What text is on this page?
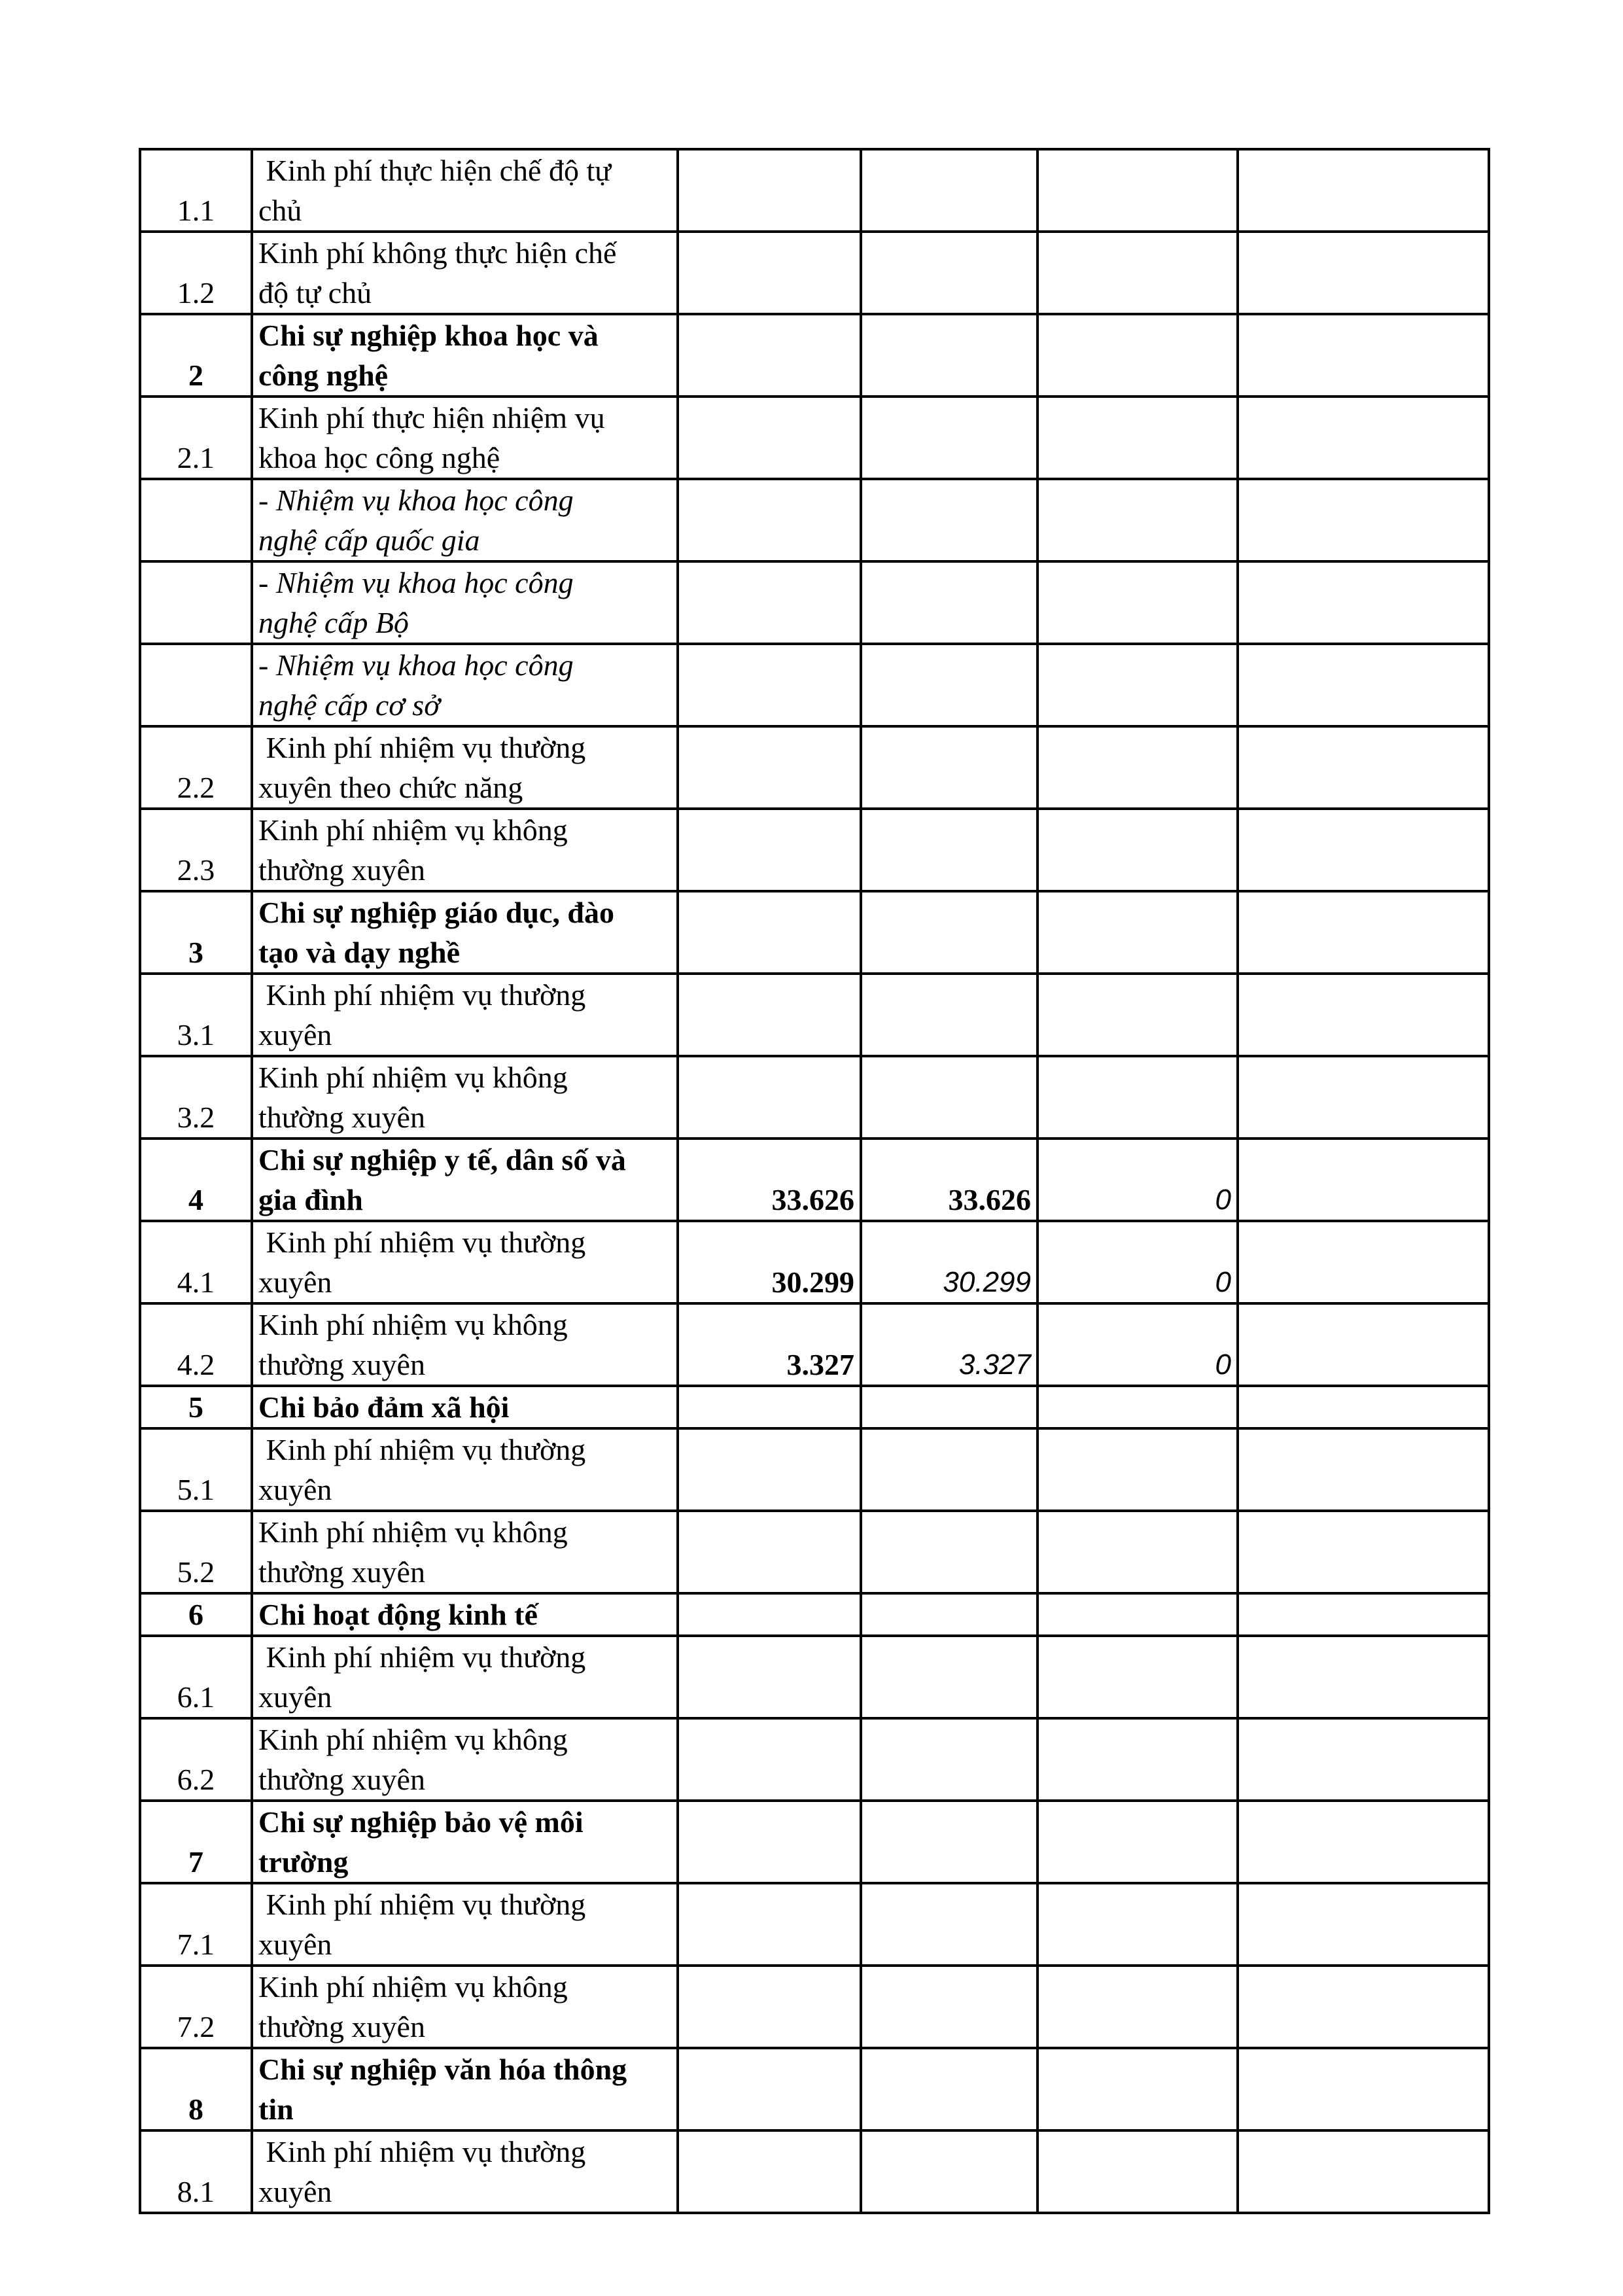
1.1	Kinh phí thực hiện chế độ tự
chủ				
1.2	Kinh phí không thực hiện chế
độ tự chủ				
2	Chi sự nghiệp khoa học và
công nghệ				
2.1	Kinh phí thực hiện nhiệm vụ
khoa học công nghệ				
	- Nhiệm vụ khoa học công
nghệ cấp quốc gia				
	- Nhiệm vụ khoa học công
nghệ cấp Bộ				
	- Nhiệm vụ khoa học công
nghệ cấp cơ sở				
2.2	Kinh phí nhiệm vụ thường
xuyên theo chức năng				
2.3	Kinh phí nhiệm vụ không
thường xuyên				
3	Chi sự nghiệp giáo dục, đào
tạo và dạy nghề				
3.1	Kinh phí nhiệm vụ thường
xuyên				
3.2	Kinh phí nhiệm vụ không
thường xuyên				
4	Chi sự nghiệp y tế, dân số và
gia đình	33.626	33.626	0	
4.1	Kinh phí nhiệm vụ thường
xuyên	30.299	30.299	0	
4.2	Kinh phí nhiệm vụ không
thường xuyên	3.327	3.327	0	
5	Chi bảo đảm xã hội				
5.1	Kinh phí nhiệm vụ thường
xuyên				
5.2	Kinh phí nhiệm vụ không
thường xuyên				
6	Chi hoạt động kinh tế				
6.1	Kinh phí nhiệm vụ thường
xuyên				
6.2	Kinh phí nhiệm vụ không
thường xuyên				
7	Chi sự nghiệp bảo vệ môi
trường				
7.1	Kinh phí nhiệm vụ thường
xuyên				
7.2	Kinh phí nhiệm vụ không
thường xuyên				
8	Chi sự nghiệp văn hóa thông
tin				
8.1	Kinh phí nhiệm vụ thường
xuyên				
